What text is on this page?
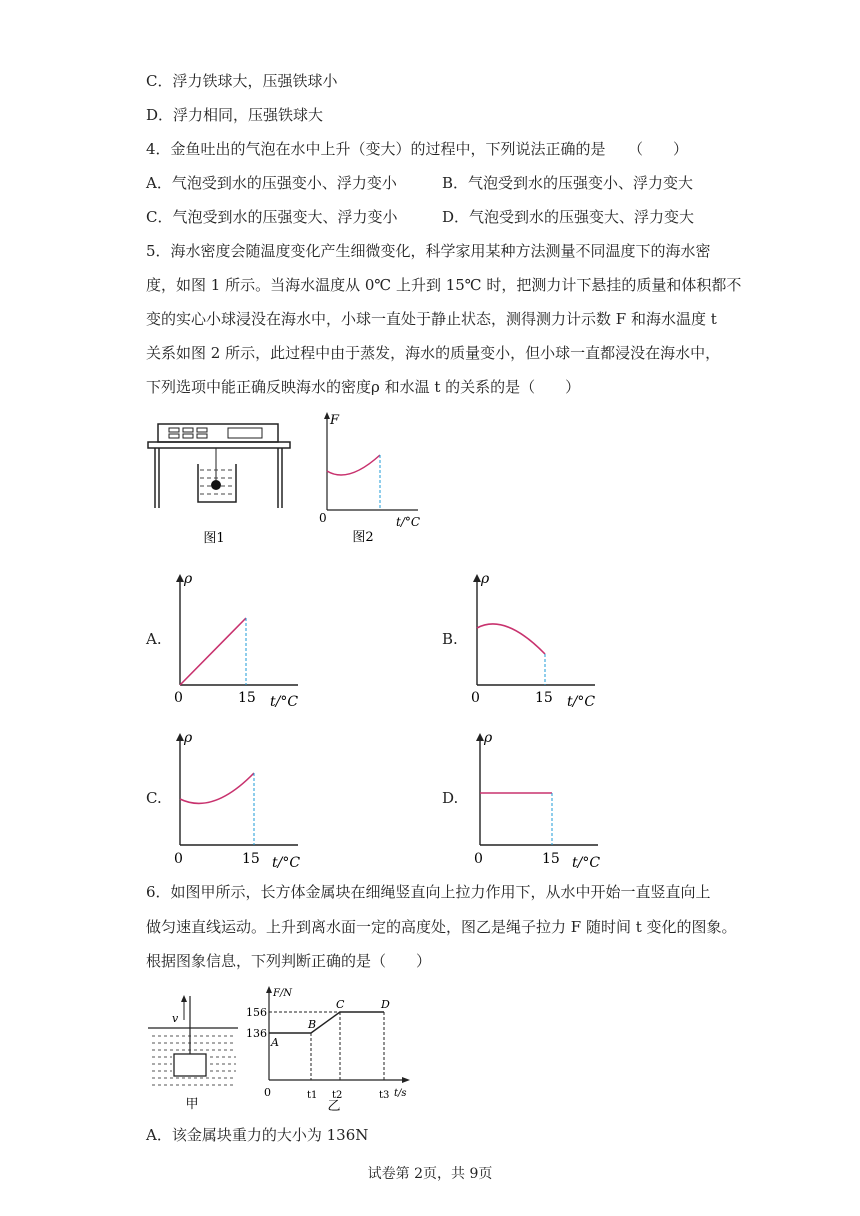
C．浮力铁球大，压强铁球小
D．浮力相同，压强铁球大
4．金鱼吐出的气泡在水中上升（变大）的过程中，下列说法正确的是　　（　　）
A．气泡受到水的压强变小、浮力变小	B．气泡受到水的压强变小、浮力变大
C．气泡受到水的压强变大、浮力变小	D．气泡受到水的压强变大、浮力变大
5．海水密度会随温度变化产生细微变化，科学家用某种方法测量不同温度下的海水密
度，如图 1 所示。当海水温度从 0℃ 上升到 15℃ 时，把测力计下悬挂的质量和体积都不
变的实心小球浸没在海水中，小球一直处于静止状态，测得测力计示数 F 和海水温度 t
关系如图 2 所示，此过程中由于蒸发，海水的质量变小，但小球一直都浸没在海水中，
下列选项中能正确反映海水的密度ρ 和水温 t 的关系的是（　　）
图1
F
0	t/°C
图2
A.
ρ
0	15 t/°C
B.
ρ
0	15 t/°C
C.
ρ
0	15 t/°C
D.
ρ
0	15 t/°C
6．如图甲所示，长方体金属块在细绳竖直向上拉力作用下，从水中开始一直竖直向上
做匀速直线运动。上升到离水面一定的高度处，图乙是绳子拉力 F 随时间 t 变化的图象。
根据图象信息，下列判断正确的是（　　）
v
甲
F/N
t/s
0
156
136
t1 t2	t3
A
B
C	D
乙
A．该金属块重力的大小为 136N
试卷第 2页，共 9页
